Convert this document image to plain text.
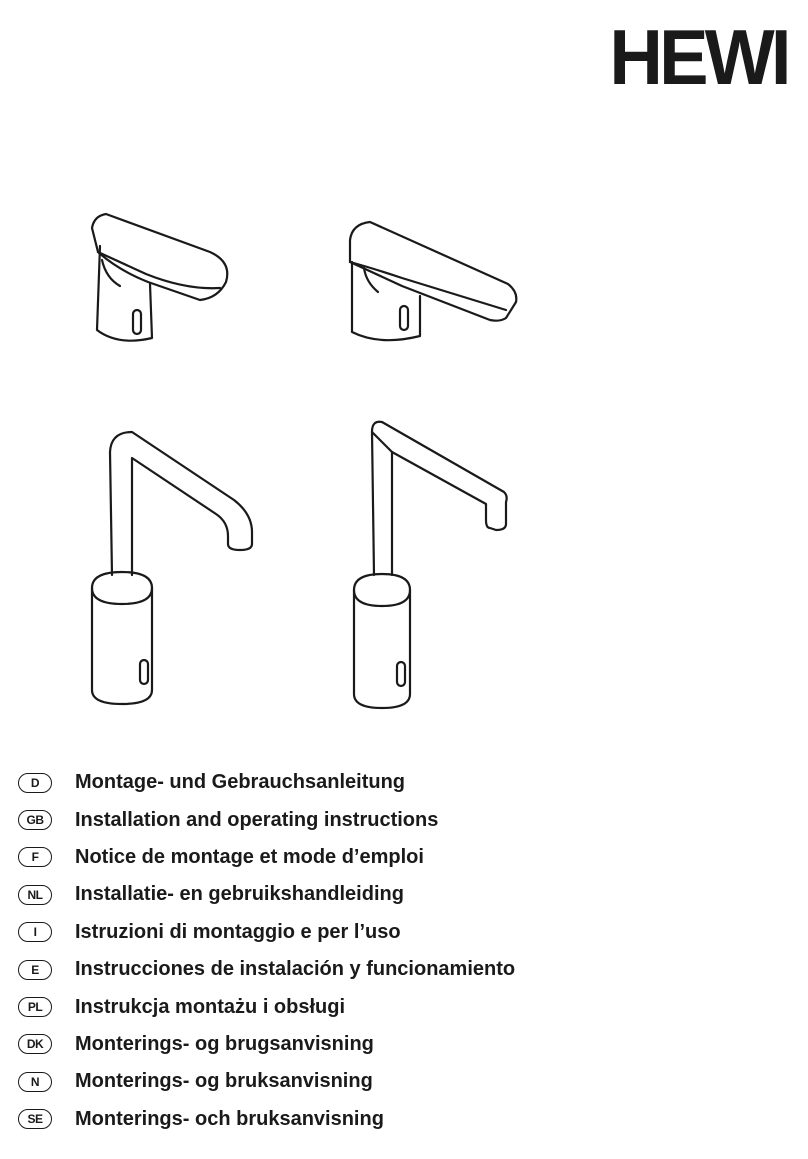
HEWI
D	Montage- und Gebrauchsanleitung
GB	Installation and operating instructions
F	Notice de montage et mode d’emploi
NL	Installatie- en gebruikshandleiding
I	Istruzioni di montaggio e per l’uso
E	Instrucciones de instalación y funcionamiento
PL	Instrukcja montażu i obsługi
DK	Monterings- og brugsanvisning
N	Monterings- og bruksanvisning
SE	Monterings- och bruksanvisning
